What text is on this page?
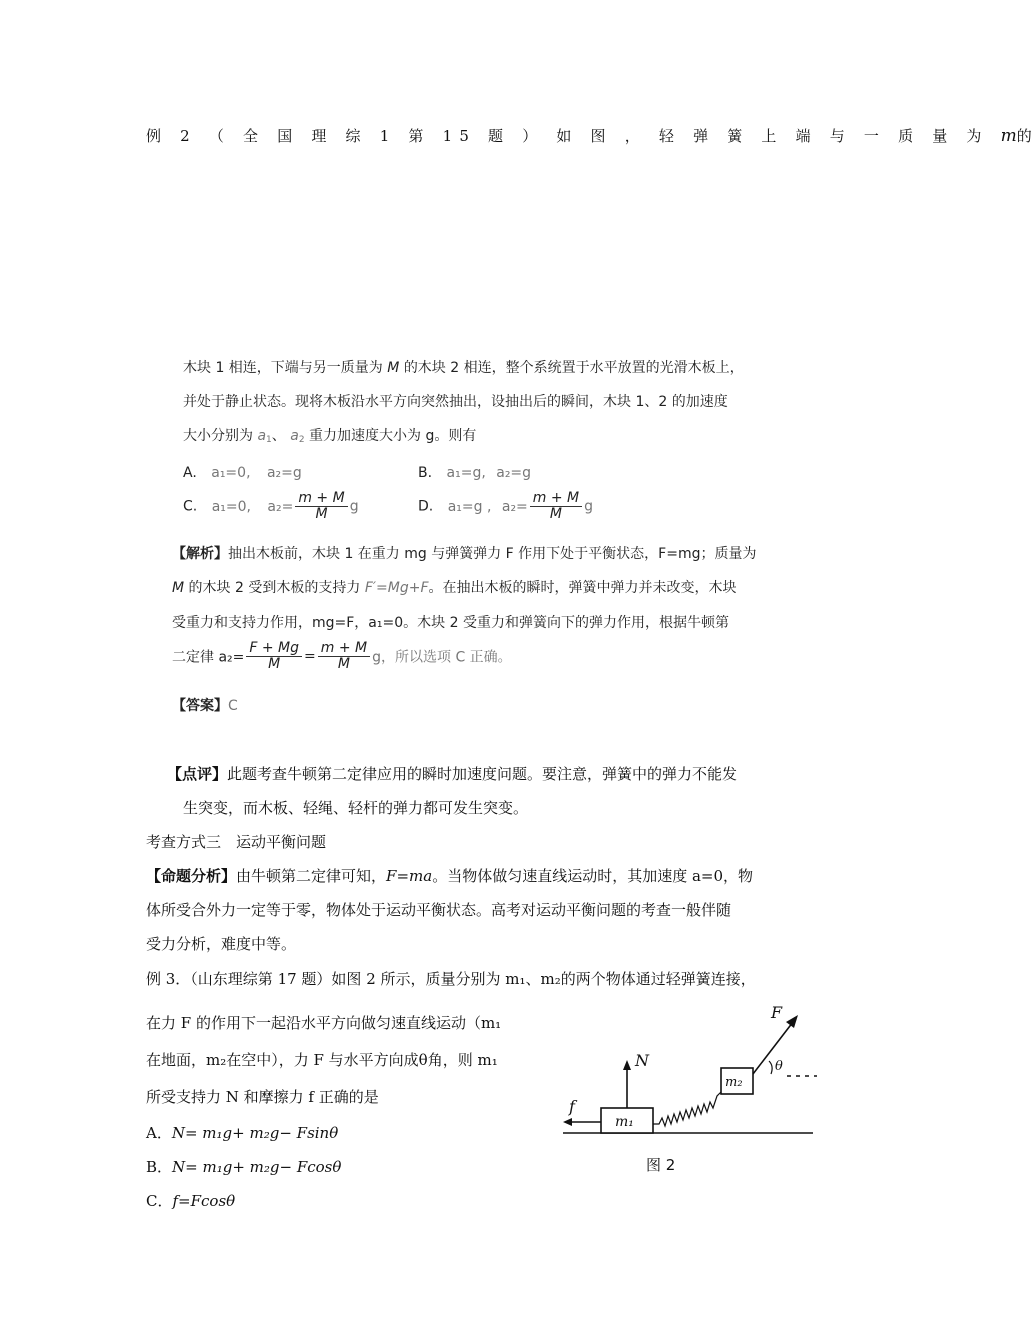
例 2 （ 全 国 理 综 1 第 15 题 ） 如 图 ， 轻 弹 簧 上 端 与 一 质 量 为 m的
木块 1 相连，下端与另一质量为 M 的木块 2 相连，整个系统置于水平放置的光滑木板上，
并处于静止状态。现将木板沿水平方向突然抽出，设抽出后的瞬间，木块 1、2 的加速度
大小分别为 $a_1$、 $a_2$ 重力加速度大小为 g。则有
A. a₁=0, a₂=g	B. a₁=g, a₂=g
C. a₁=0, $a_2= \frac{m + M}{M}$ g	D. a₁=g , $a_2= \frac{m + M}{M}$ g
【解析】抽出木板前，木块 1 在重力 mg 与弹簧弹力 F 作用下处于平衡状态，F=mg；质量为
M 的木块 2 受到木板的支持力 F′=Mg+F。在抽出木板的瞬时，弹簧中弹力并未改变，木块
受重力和支持力作用，mg=F，a₁=0。木块 2 受重力和弹簧向下的弹力作用，根据牛顿第
二定律 $a_2= \frac{F + Mg}{M} = \frac{m + M}{M}$ g，所以选项 C 正确。
【答案】C
【点评】此题考查牛顿第二定律应用的瞬时加速度问题。要注意，弹簧中的弹力不能发
生突变，而木板、轻绳、轻杆的弹力都可发生突变。
考查方式三　运动平衡问题
【命题分析】由牛顿第二定律可知，F=ma。当物体做匀速直线运动时，其加速度 a=0，物
体所受合外力一定等于零，物体处于运动平衡状态。高考对运动平衡问题的考查一般伴随
受力分析，难度中等。
例 3．（山东理综第 17 题）如图 2 所示，质量分别为 m₁、m₂的两个物体通过轻弹簧连接，
在力 F 的作用下一起沿水平方向做匀速直线运动（m₁
在地面，m₂在空中），力 F 与水平方向成θ角，则 m₁
所受支持力 N 和摩擦力 f 正确的是
A．N= m₁g+ m₂g− Fsinθ
B．N= m₁g+ m₂g− Fcosθ
C．f=Fcosθ
m₁
m₂
f
N
F
θ
图 2
